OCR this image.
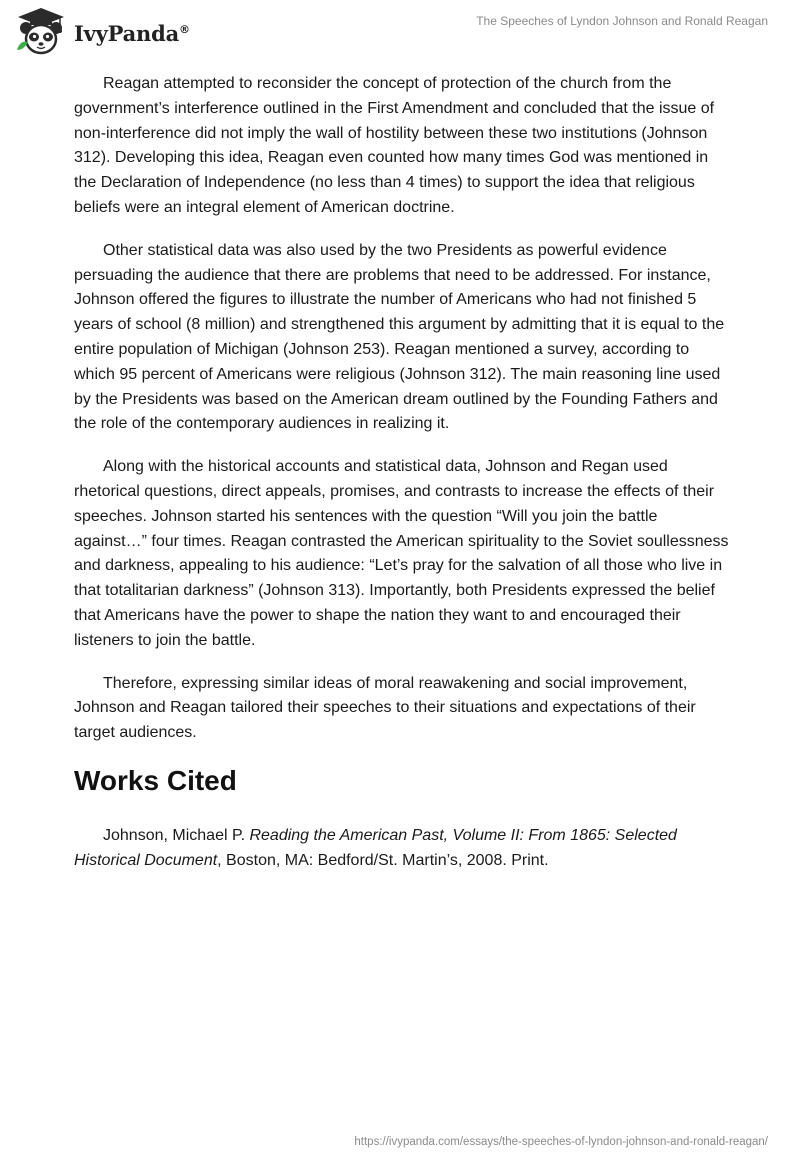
IvyPanda®
The Speeches of Lyndon Johnson and Ronald Reagan

Reagan attempted to reconsider the concept of protection of the church from the government’s interference outlined in the First Amendment and concluded that the issue of non-interference did not imply the wall of hostility between these two institutions (Johnson 312). Developing this idea, Reagan even counted how many times God was mentioned in the Declaration of Independence (no less than 4 times) to support the idea that religious beliefs were an integral element of American doctrine.

Other statistical data was also used by the two Presidents as powerful evidence persuading the audience that there are problems that need to be addressed. For instance, Johnson offered the figures to illustrate the number of Americans who had not finished 5 years of school (8 million) and strengthened this argument by admitting that it is equal to the entire population of Michigan (Johnson 253). Reagan mentioned a survey, according to which 95 percent of Americans were religious (Johnson 312). The main reasoning line used by the Presidents was based on the American dream outlined by the Founding Fathers and the role of the contemporary audiences in realizing it.

Along with the historical accounts and statistical data, Johnson and Regan used rhetorical questions, direct appeals, promises, and contrasts to increase the effects of their speeches. Johnson started his sentences with the question “Will you join the battle against…” four times. Reagan contrasted the American spirituality to the Soviet soullessness and darkness, appealing to his audience: “Let’s pray for the salvation of all those who live in that totalitarian darkness” (Johnson 313). Importantly, both Presidents expressed the belief that Americans have the power to shape the nation they want to and encouraged their listeners to join the battle.

Therefore, expressing similar ideas of moral reawakening and social improvement, Johnson and Reagan tailored their speeches to their situations and expectations of their target audiences.

Works Cited

Johnson, Michael P. Reading the American Past, Volume II: From 1865: Selected Historical Document, Boston, MA: Bedford/St. Martin’s, 2008. Print.

https://ivypanda.com/essays/the-speeches-of-lyndon-johnson-and-ronald-reagan/
